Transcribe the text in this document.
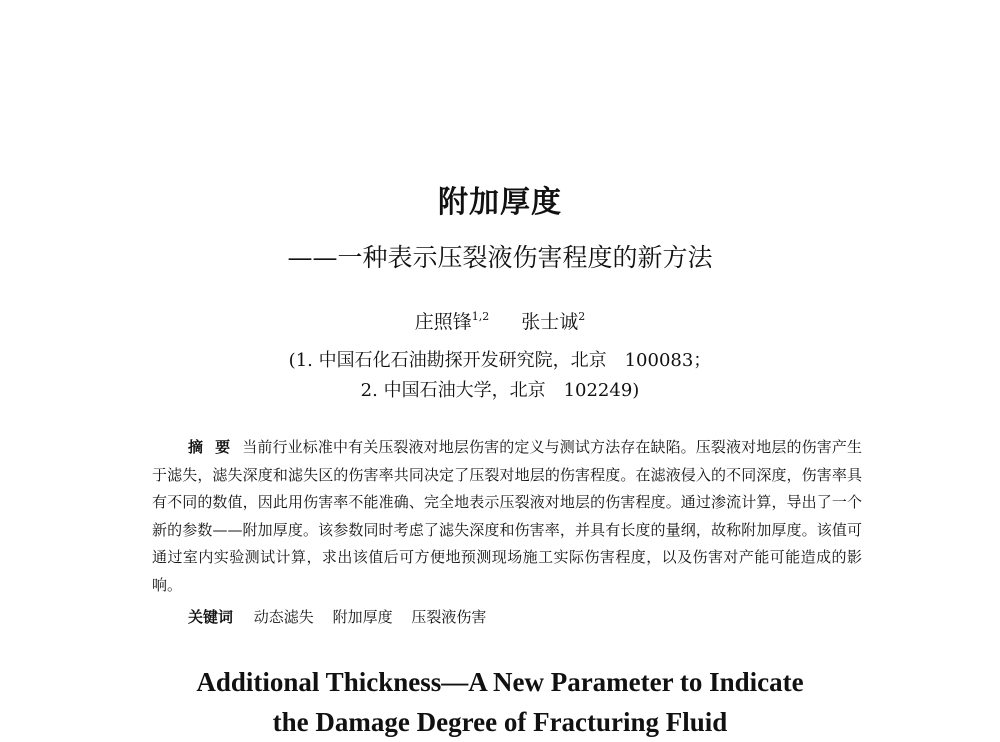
附加厚度
——一种表示压裂液伤害程度的新方法
庄照锋$^{1,2}$ 张士诚$^2$
(1. 中国石化石油勘探开发研究院，北京　100083；
2. 中国石油大学，北京　102249)

摘要当前行业标准中有关压裂液对地层伤害的定义与测试方法存在缺陷。压裂液对地层的伤害产生于滤失，滤失深度和滤失区的伤害率共同决定了压裂对地层的伤害程度。在滤液侵入的不同深度，伤害率具有不同的数值，因此用伤害率不能准确、完全地表示压裂液对地层的伤害程度。通过渗流计算，导出了一个新的参数——附加厚度。该参数同时考虑了滤失深度和伤害率，并具有长度的量纲，故称附加厚度。该值可通过室内实验测试计算，求出该值后可方便地预测现场施工实际伤害程度，以及伤害对产能可能造成的影响。

关键词 动态滤失 附加厚度 压裂液伤害
Additional Thickness—A New Parameter to Indicate
the Damage Degree of Fracturing Fluid
